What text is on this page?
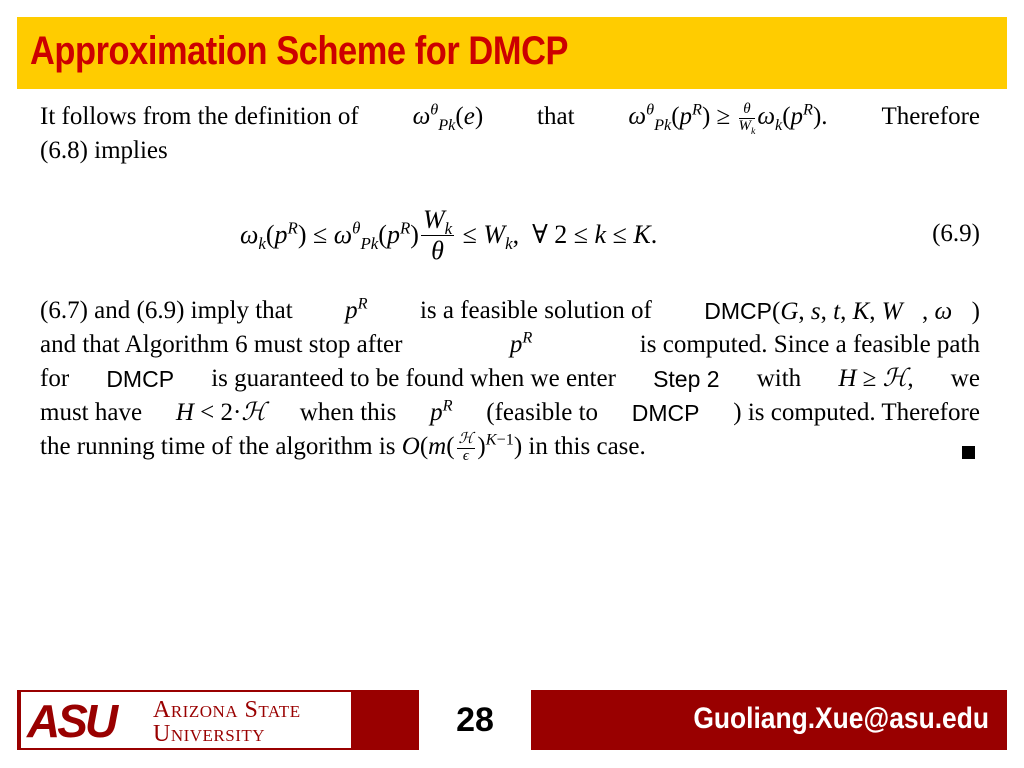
Approximation Scheme for DMCP
It follows from the definition of $\omega^\theta_{Pk}(e)$ that $\omega^\theta_{Pk}(p^R) \ge \frac{\theta}{W_k} \omega_k(p^R)$. Therefore
(6.8) implies
$\omega_k(p^R) \le \omega^\theta_{Pk}(p^R) \frac{W_k}{\theta} \le W_k$,  ∀ 2 ≤ k ≤ K.	(6.9)
(6.7) and (6.9) imply that $p^R$ is a feasible solution of DMCP(G, s, t, K, W⃗, ω⃗)
and that Algorithm 6 must stop after	$p^R$	is computed. Since a feasible path
for DMCP is guaranteed to be found when we enter Step 2 with H ≥ ℋ, we
must have H < 2·ℋ when this $p^R$ (feasible to DMCP ) is computed. Therefore
the running time of the algorithm is $O(m( \frac{\text{ℋ}}{\epsilon} )^{K-1})$ in this case.
ASU Arizona State
University	28	Guoliang.Xue@asu.edu
